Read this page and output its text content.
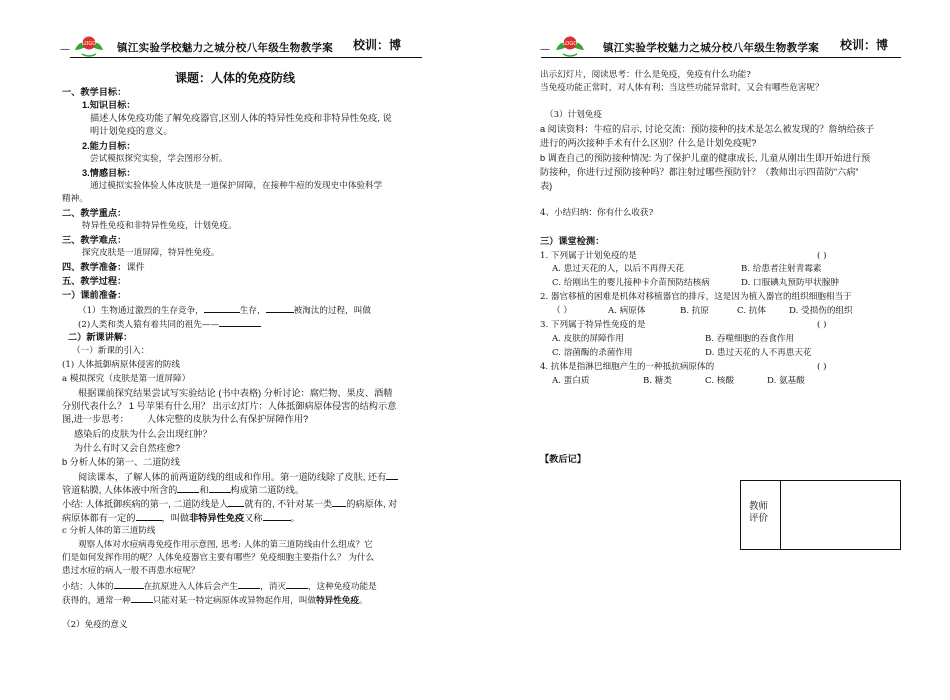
— LOGO 镇江实验学校魅力之城分校八年级生物教学案 校训：博
课题：人体的免疫防线
一、教学目标：
1.知识目标：
描述人体免疫功能了解免疫器官,区别人体的特异性免疫和非特异性免疫, 说
明计划免疫的意义。
2.能力目标：
尝试模拟探究实验，学会图形分析。
3.情感目标：
通过模拟实验体验人体皮肤是一道保护屏障，在接种牛痘的发现史中体验科学
精神。
二、教学重点：
特异性免疫和非特异性免疫，计划免疫。
三、教学难点：
探究皮肤是一道屏障，特异性免疫。
四、教学准备：课件
五、教学过程：
一）课前准备：
（1）生物通过激烈的生存竞争，	生存，	被淘汰的过程，叫做
(2)人类和类人猿有着共同的祖先——
二）新课讲解：
（一）新课的引入：
(1) 人体抵御病原体侵害的防线
a 模拟探究（皮肤是第一道屏障）
根据课前探究结果尝试写实验结论 (书中表格) 分析讨论：腐烂物、果皮、酒精
分别代表什么？ 1 号苹果有什么用？ 出示幻灯片：人体抵御病原体侵害的结构示意
图,进一步思考： 人体完整的皮肤为什么有保护屏障作用?
感染后的皮肤为什么会出现红肿？
为什么有时又会自然痊愈?
b 分析人体的第一、二道防线
阅读课本，了解人体的前两道防线的组成和作用。第一道防线除了皮肤, 还有
管道粘膜, 人体体液中所含的 和 构成第二道防线。
小结: 人体抵御疾病的第一, 二道防线是人 就有的, 不针对某一类 的病原体, 对
病原体都有一定的	，叫做非特异性免疫又称	。
c 分析人体的第三道防线
观察人体对水痘病毒免疫作用示意图, 思考: 人体的第三道防线由什么组成？它
们是如何发挥作用的呢？人体免疫器官主要有哪些？免疫细胞主要指什么？ 为什么
患过水痘的病人一般不再患水痘呢？
小结：人体的	在抗原进入人体后会产生	，消灭	，这种免疫功能是
获得的，通常一种	只能对某一特定病原体或异物起作用，叫做特异性免疫。
（2）免疫的意义
—	LOGO 镇江实验学校魅力之城分校八年级生物教学案 校训：博
出示幻灯片，阅读思考：什么是免疫，免疫有什么功能?
当免疫功能正常时，对人体有利；当这些功能异常时，又会有哪些危害呢？
（3）计划免疫
a 阅读资料：牛痘的启示, 讨论交流：预防接种的技术是怎么被发现的？詹纳给孩子
进行的两次接种手术有什么区别？什么是计划免疫呢?
b 调查自己的预防接种情况: 为了保护儿童的健康成长, 儿童从刚出生即开始进行预
防接种，你进行过预防接种吗？都注射过哪些预防针？（教师出示四苗防“六病”
表)
4、小结归纳：你有什么收获?
三）课堂检测：
1. 下列属于计划免疫的是	( )
A. 患过天花的人，以后不再得天花	B. 给患者注射青霉素
C. 给刚出生的婴儿接种卡介苗预防结核病	D. 口服碘丸预防甲状腺肿
2. 器官移植的困难是机体对移植器官的排斥，这是因为植入器官的组织细胞相当于
（ ）	A. 病原体	B. 抗原	C. 抗体	D. 受损伤的组织
3. 下列属于特异性免疫的是	( )
A. 皮肤的屏障作用	B. 吞噬细胞的吞食作用
C. 溶菌酶的杀菌作用	D. 患过天花的人不再患天花
4. 抗体是指淋巴细胞产生的一种抵抗病原体的	( )
A. 蛋白质	B. 糖类	C. 核酸	D. 氨基酸
【教后记】
教师
评价
